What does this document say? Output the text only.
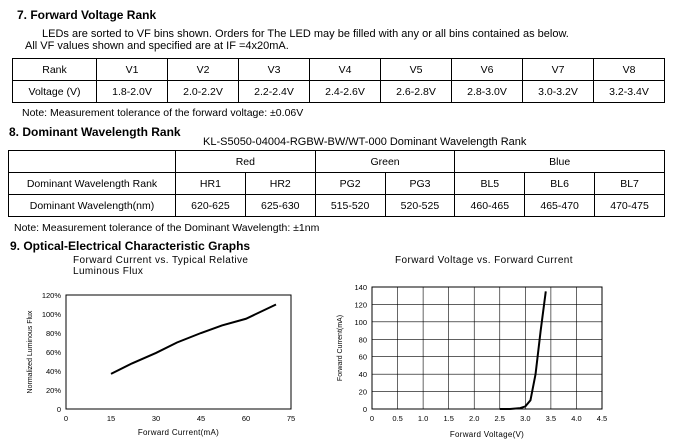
7. Forward Voltage Rank
LEDs are sorted to VF bins shown. Orders for The LED may be filled with any or all bins contained as below.
All VF values shown and specified are at IF =4x20mA.
Rank	V1	V2	V3	V4	V5	V6	V7	V8
Voltage (V)	1.8-2.0V	2.0-2.2V	2.2-2.4V	2.4-2.6V	2.6-2.8V	2.8-3.0V	3.0-3.2V	3.2-3.4V
Note: Measurement tolerance of the forward voltage: ±0.06V
8. Dominant Wavelength Rank
KL-S5050-04004-RGBW-BW/WT-000 Dominant Wavelength Rank
	Red		Green		Blue		
Dominant Wavelength Rank	HR1	HR2	PG2	PG3	BL5	BL6	BL7
Dominant Wavelength(nm)	620-625	625-630	515-520	520-525	460-465	465-470	470-475
Note: Measurement tolerance of the Dominant Wavelength: ±1nm
9. Optical-Electrical Characteristic Graphs
Forward Current vs. Typical Relative
Luminous Flux
Forward Voltage vs. Forward Current
0	15	30	45	60	75
0
20%
40%
60%
80%
100%
120%
Forward Current(mA)
Normalized Luminous Flux
0 0.5 1.0 1.5 2.0 2.5 3.0 3.5 4.0 4.5
0
20
40
60
80
100
120
140
Forward Voltage(V)
Forward Current(mA)
